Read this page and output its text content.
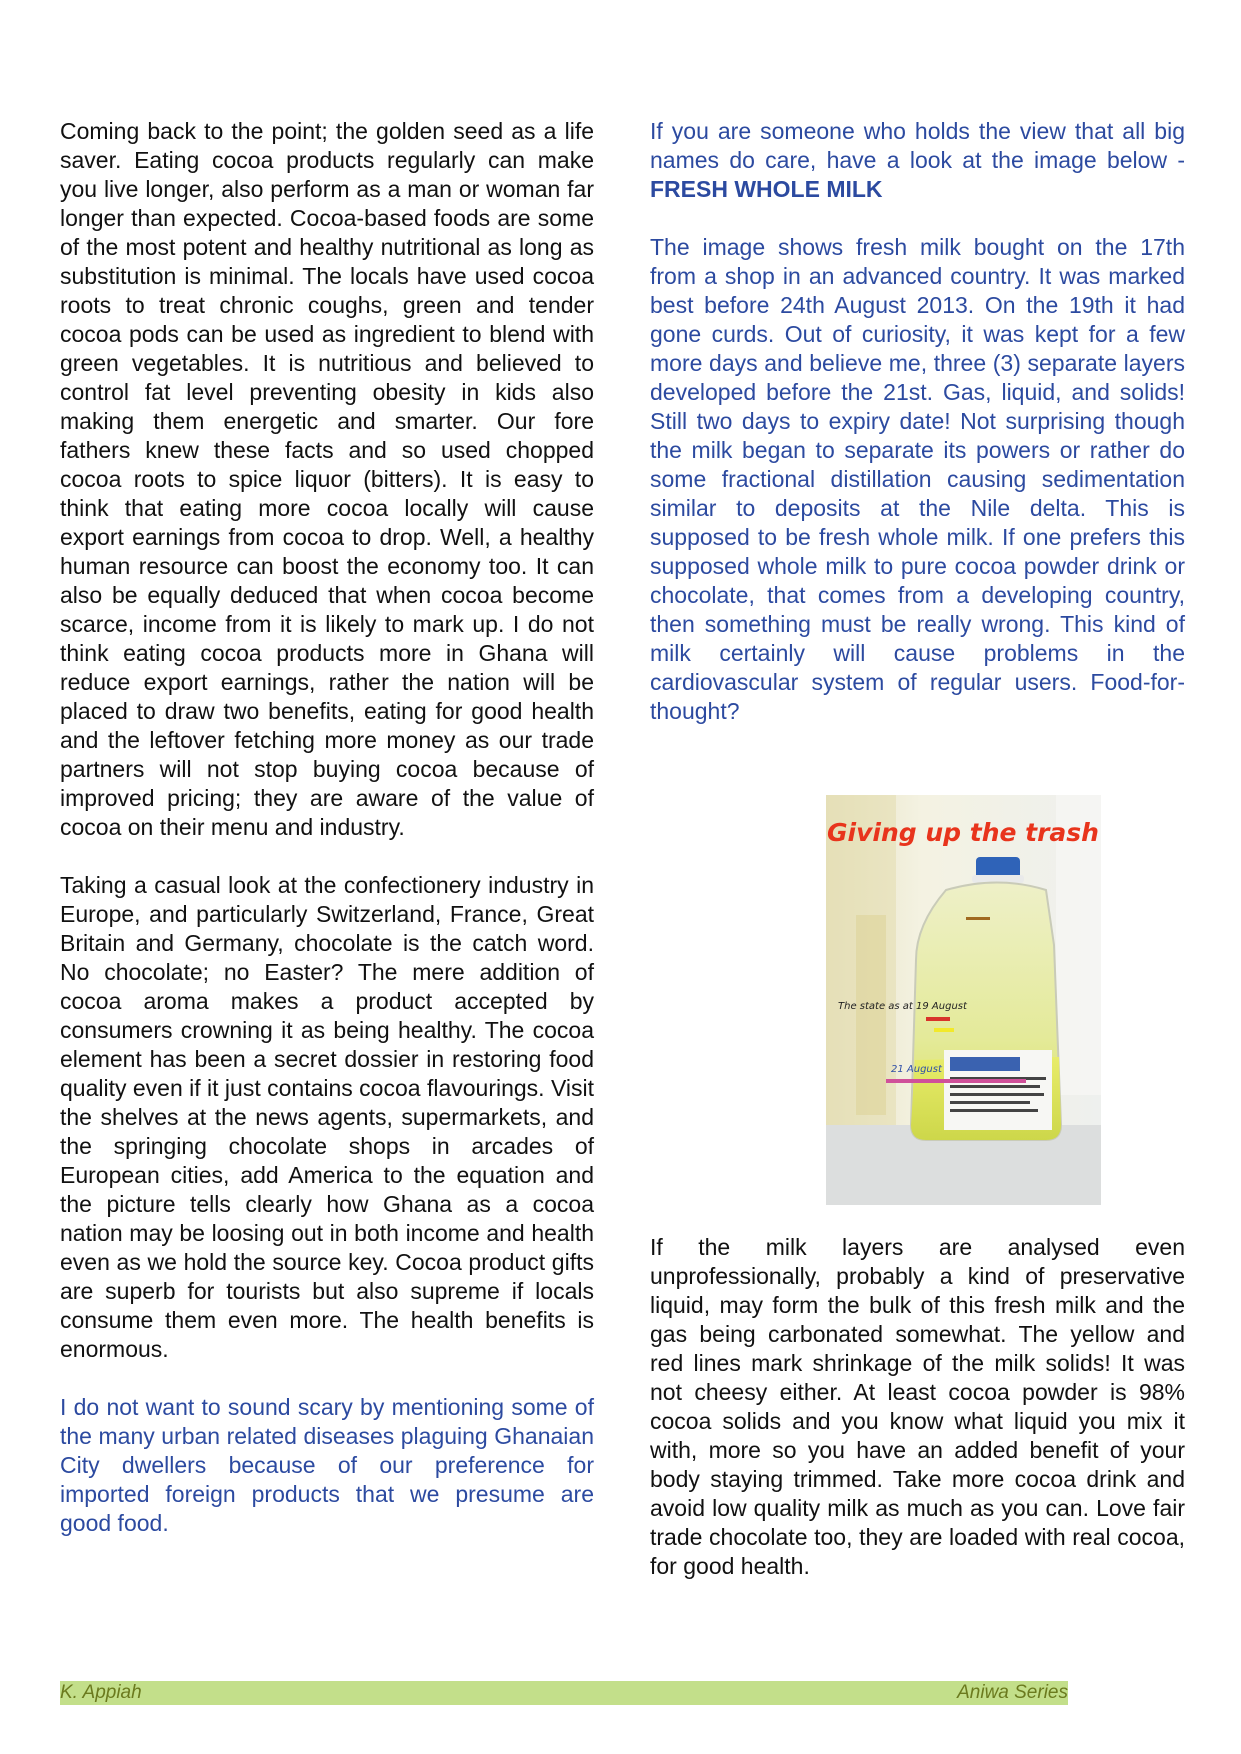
Coming back to the point; the golden seed as a life saver. Eating cocoa products regularly can make you live longer, also perform as a man or woman far longer than expected. Cocoa-based foods are some of the most potent and healthy nutritional as long as substitution is minimal. The locals have used cocoa roots to treat chronic coughs, green and tender cocoa pods can be used as ingredient to blend with green vegetables. It is nutritious and believed to control fat level preventing obesity in kids also making them energetic and smarter. Our fore fathers knew these facts and so used chopped cocoa roots to spice liquor (bitters). It is easy to think that eating more cocoa locally will cause export earnings from cocoa to drop. Well, a healthy human resource can boost the economy too. It can also be equally deduced that when cocoa become scarce, income from it is likely to mark up. I do not think eating cocoa products more in Ghana will reduce export earnings, rather the nation will be placed to draw two benefits, eating for good health and the leftover fetching more money as our trade partners will not stop buying cocoa because of improved pricing; they are aware of the value of cocoa on their menu and industry.

Taking a casual look at the confectionery industry in Europe, and particularly Switzerland, France, Great Britain and Germany, chocolate is the catch word. No chocolate; no Easter? The mere addition of cocoa aroma makes a product accepted by consumers crowning it as being healthy. The cocoa element has been a secret dossier in restoring food quality even if it just contains cocoa flavourings. Visit the shelves at the news agents, supermarkets, and the springing chocolate shops in arcades of European cities, add America to the equation and the picture tells clearly how Ghana as a cocoa nation may be loosing out in both income and health even as we hold the source key. Cocoa product gifts are superb for tourists but also supreme if locals consume them even more. The health benefits is enormous.

I do not want to sound scary by mentioning some of the many urban related diseases plaguing Ghanaian City dwellers because of our preference for imported foreign products that we presume are good food.

If you are someone who holds the view that all big names do care, have a look at the image below - FRESH WHOLE MILK

The image shows fresh milk bought on the 17th from a shop in an advanced country. It was marked best before 24th August 2013. On the 19th it had gone curds. Out of curiosity, it was kept for a few more days and believe me, three (3) separate layers developed before the 21st. Gas, liquid, and solids! Still two days to expiry date! Not surprising though the milk began to separate its powers or rather do some fractional distillation causing sedimentation similar to deposits at the Nile delta. This is supposed to be fresh whole milk. If one prefers this supposed whole milk to pure cocoa powder drink or chocolate, that comes from a developing country, then something must be really wrong. This kind of milk certainly will cause problems in the cardiovascular system of regular users. Food-for-thought?

If the milk layers are analysed even unprofessionally, probably a kind of preservative liquid, may form the bulk of this fresh milk and the gas being carbonated somewhat. The yellow and red lines mark shrinkage of the milk solids! It was not cheesy either. At least cocoa powder is 98% cocoa solids and you know what liquid you mix it with, more so you have an added benefit of your body staying trimmed. Take more cocoa drink and avoid low quality milk as much as you can. Love fair trade chocolate too, they are loaded with real cocoa, for good health.

Giving up the trash
The state as at 19 August
21 August
K. Appiah	Aniwa Series
